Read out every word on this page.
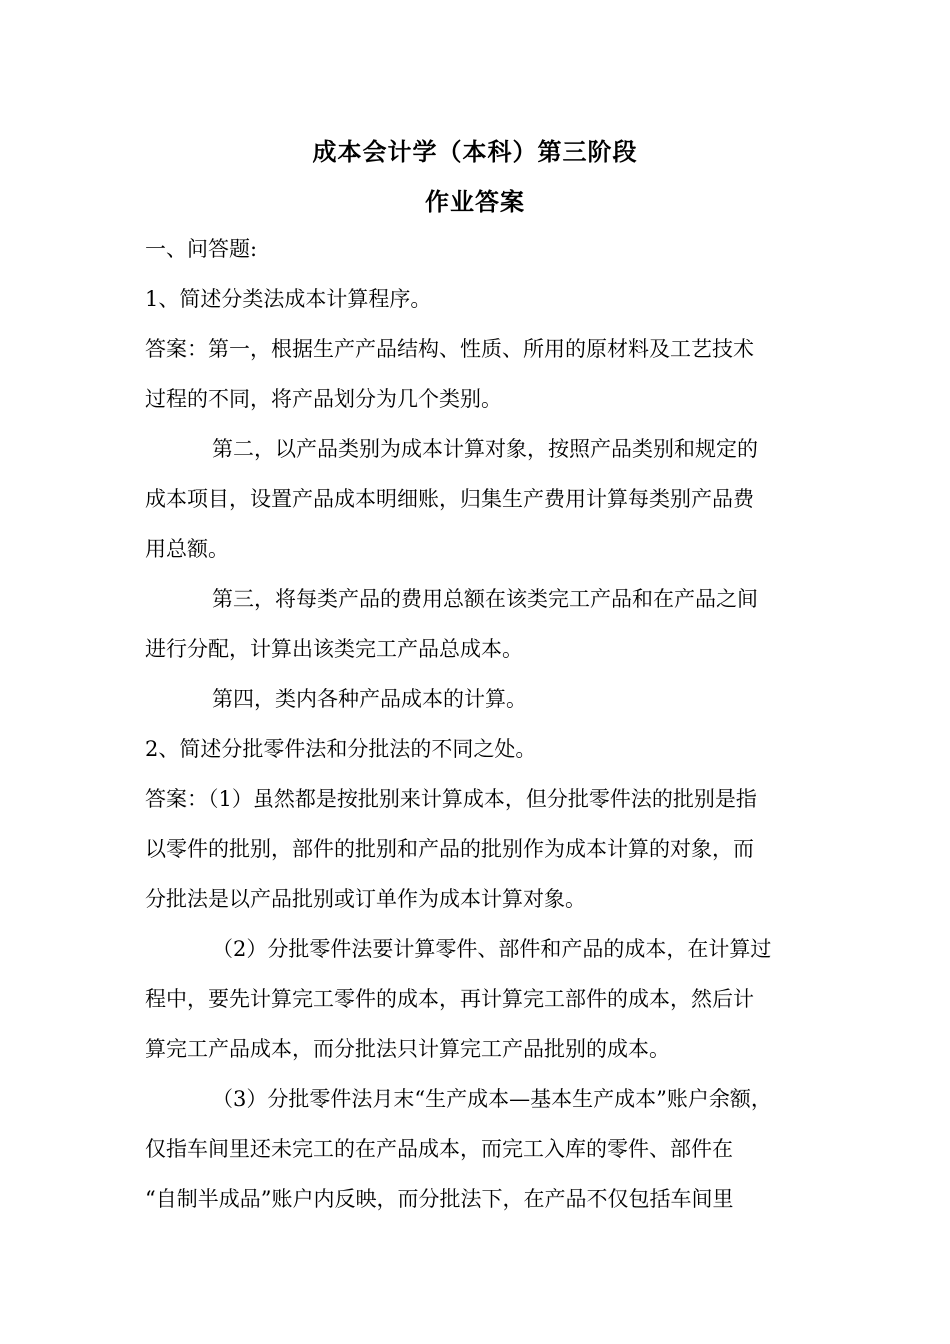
成本会计学（本科）第三阶段
作业答案
一、问答题:
1、简述分类法成本计算程序。
答案：第一，根据生产产品结构、性质、所用的原材料及工艺技术
过程的不同，将产品划分为几个类别。
第二，以产品类别为成本计算对象，按照产品类别和规定的
成本项目，设置产品成本明细账，归集生产费用计算每类别产品费
用总额。
第三，将每类产品的费用总额在该类完工产品和在产品之间
进行分配，计算出该类完工产品总成本。
第四，类内各种产品成本的计算。
2、简述分批零件法和分批法的不同之处。
答案：（1）虽然都是按批别来计算成本，但分批零件法的批别是指
以零件的批别，部件的批别和产品的批别作为成本计算的对象，而
分批法是以产品批别或订单作为成本计算对象。
（2）分批零件法要计算零件、部件和产品的成本，在计算过
程中，要先计算完工零件的成本，再计算完工部件的成本，然后计
算完工产品成本，而分批法只计算完工产品批别的成本。
（3）分批零件法月末“生产成本—基本生产成本”账户余额，
仅指车间里还未完工的在产品成本，而完工入库的零件、部件在
“自制半成品”账户内反映，而分批法下，在产品不仅包括车间里
